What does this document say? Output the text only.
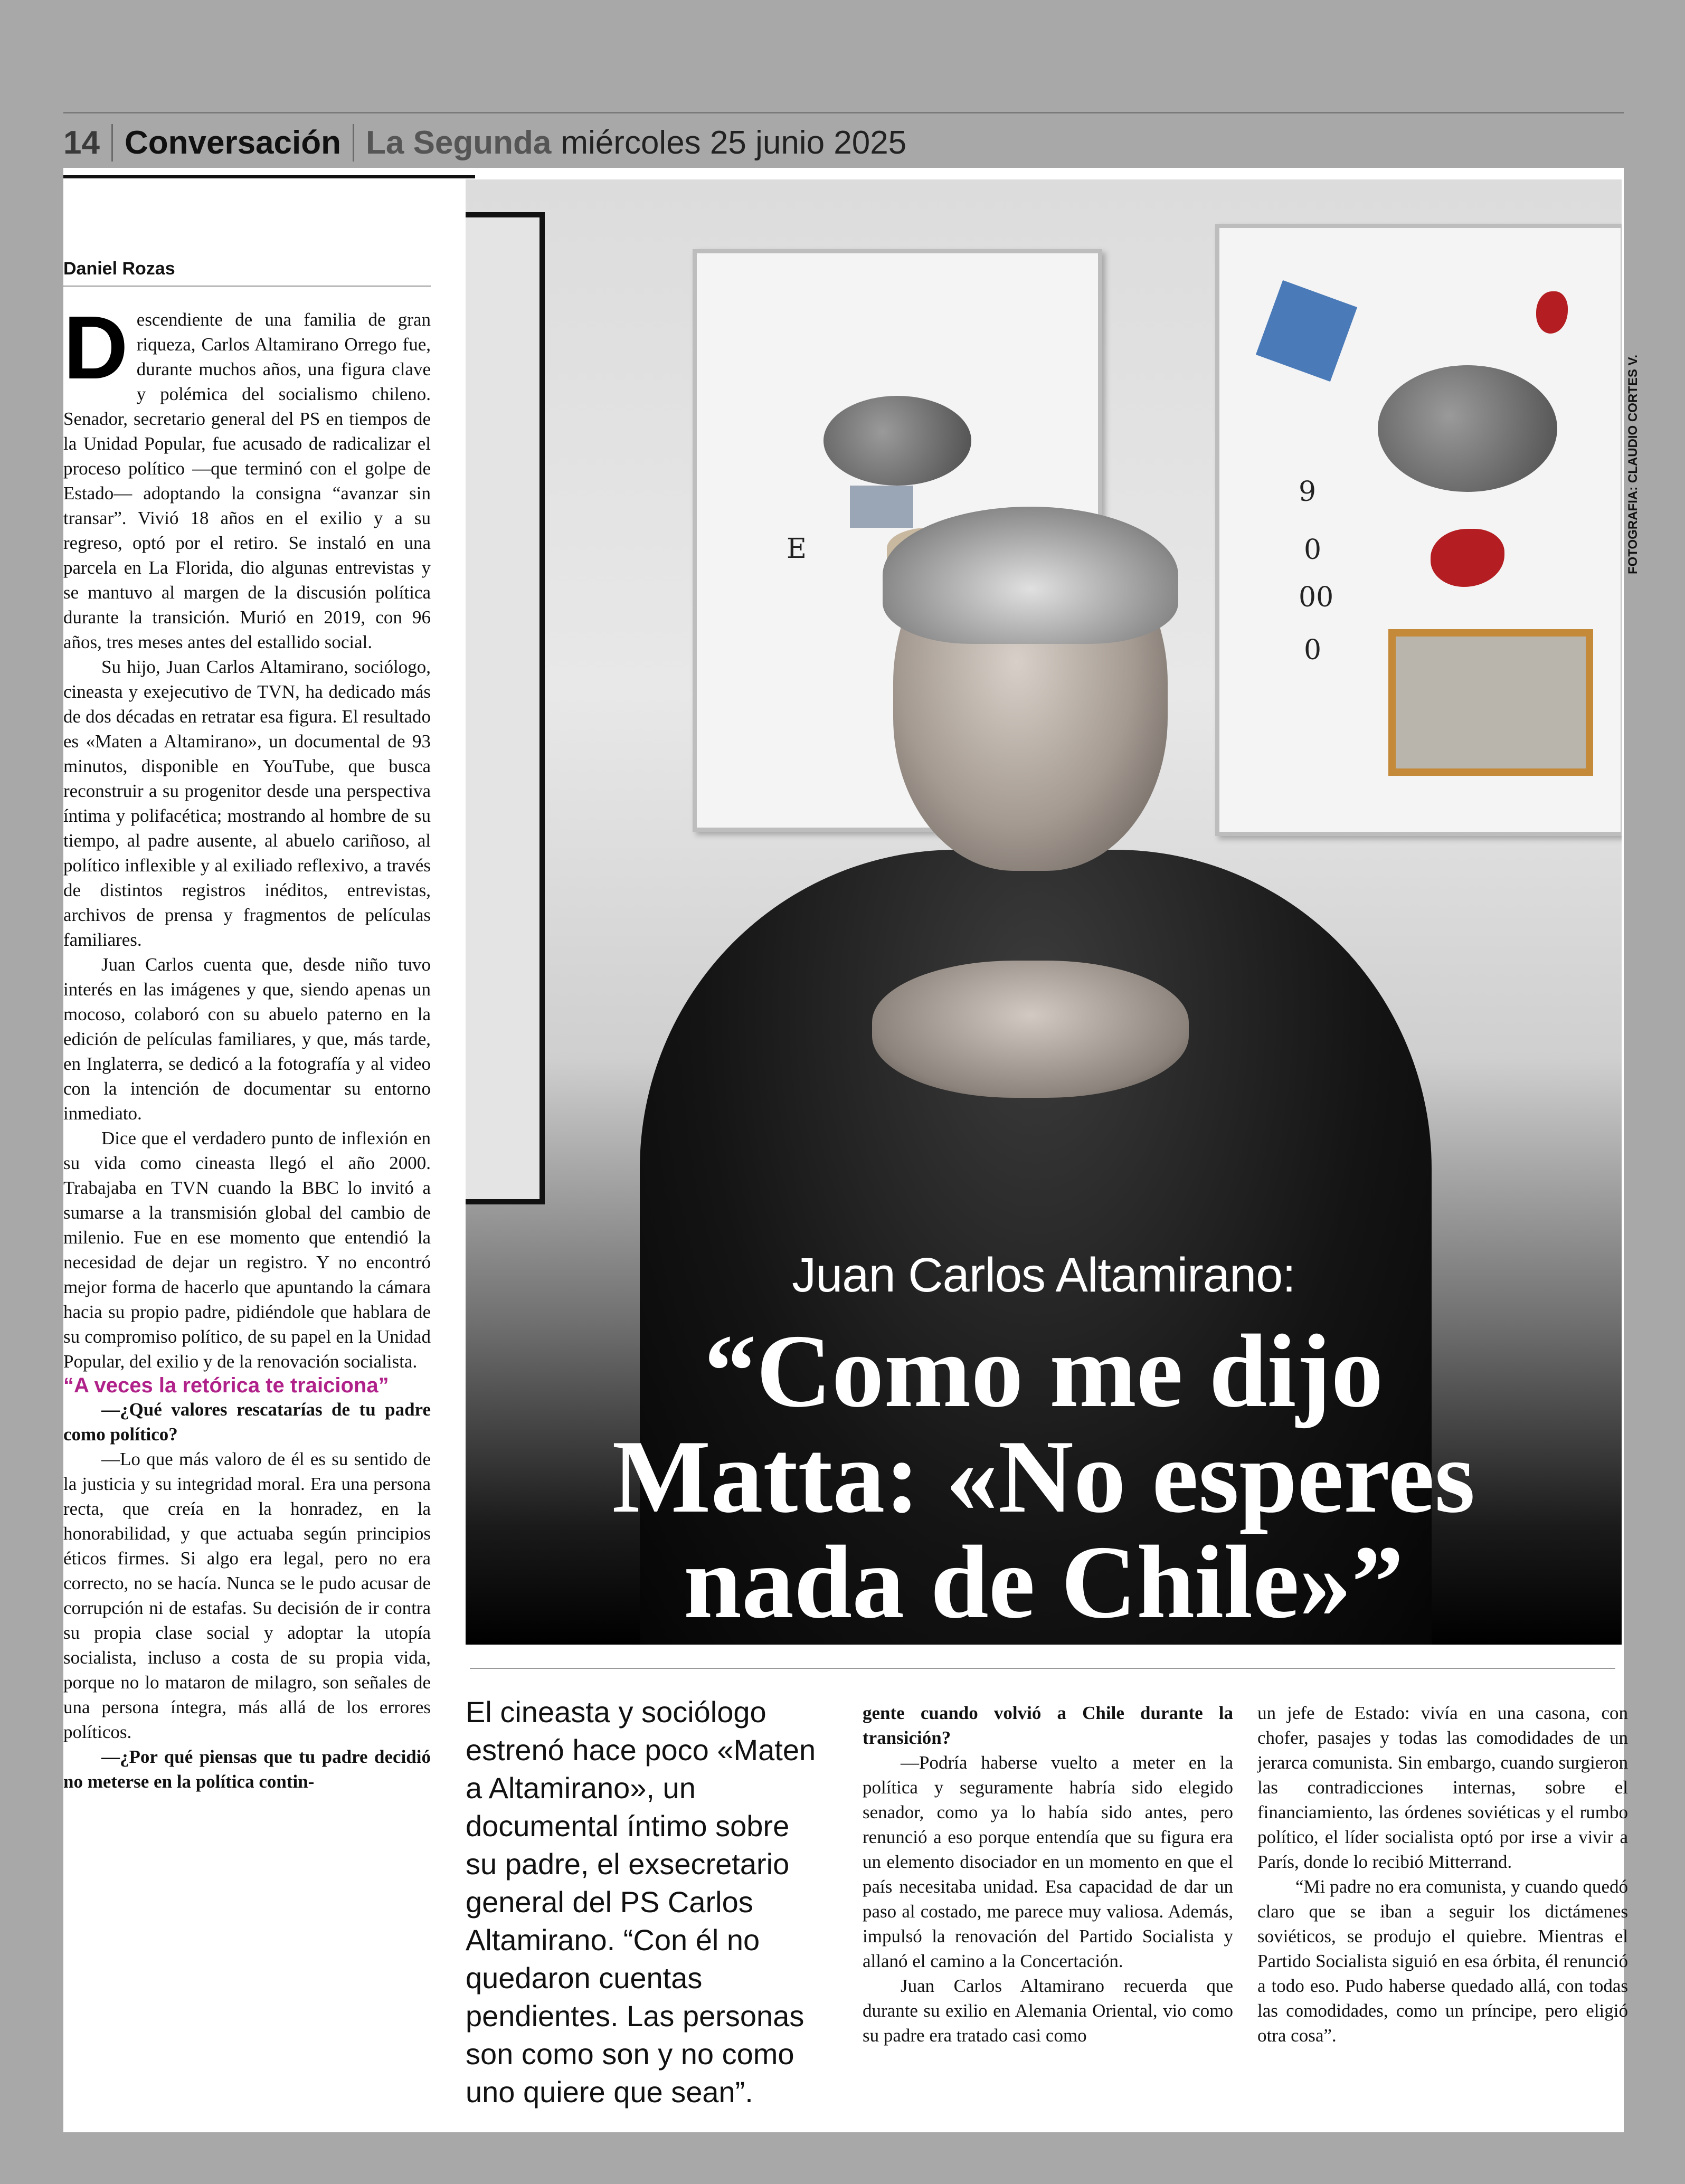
14 Conversación La Segunda miércoles 25 junio 2025
Daniel Rozas

Descendiente de una familia de gran riqueza, Carlos Altamirano Orrego fue, durante muchos años, una figura clave y polémica del socialismo chileno. Senador, secretario general del PS en tiempos de la Unidad Popular, fue acusado de radicalizar el proceso político —que terminó con el golpe de Estado— adoptando la consigna “avanzar sin transar”. Vivió 18 años en el exilio y a su regreso, optó por el retiro. Se instaló en una parcela en La Florida, dio algunas entrevistas y se mantuvo al margen de la discusión política durante la transición. Murió en 2019, con 96 años, tres meses antes del estallido social.

Su hijo, Juan Carlos Altamirano, sociólogo, cineasta y exejecutivo de TVN, ha dedicado más de dos décadas en retratar esa figura. El resultado es «Maten a Altamirano», un documental de 93 minutos, disponible en YouTube, que busca reconstruir a su progenitor desde una perspectiva íntima y polifacética; mostrando al hombre de su tiempo, al padre ausente, al abuelo cariñoso, al político inflexible y al exiliado reflexivo, a través de distintos registros inéditos, entrevistas, archivos de prensa y fragmentos de películas familiares.

Juan Carlos cuenta que, desde niño tuvo interés en las imágenes y que, siendo apenas un mocoso, colaboró con su abuelo paterno en la edición de películas familiares, y que, más tarde, en Inglaterra, se dedicó a la fotografía y al video con la intención de documentar su entorno inmediato.

Dice que el verdadero punto de inflexión en su vida como cineasta llegó el año 2000. Trabajaba en TVN cuando la BBC lo invitó a sumarse a la transmisión global del cambio de milenio. Fue en ese momento que entendió la necesidad de dejar un registro. Y no encontró mejor forma de hacerlo que apuntando la cámara hacia su propio padre, pidiéndole que hablara de su compromiso político, de su papel en la Unidad Popular, del exilio y de la renovación socialista.

“A veces la retórica te traiciona”

—¿Qué valores rescatarías de tu padre como político?

—Lo que más valoro de él es su sentido de la justicia y su integridad moral. Era una persona recta, que creía en la honradez, en la honorabilidad, y que actuaba según principios éticos firmes. Si algo era legal, pero no era correcto, no se hacía. Nunca se le pudo acusar de corrupción ni de estafas. Su decisión de ir contra su propia clase social y adoptar la utopía socialista, incluso a costa de su propia vida, porque no lo mataron de milagro, son señales de una persona íntegra, más allá de los errores políticos.

—¿Por qué piensas que tu padre decidió no meterse en la política contin-

E
9
0
00
0
FOTOGRAFIA: CLAUDIO CORTES V.
Juan Carlos Altamirano:
“Como me dijo
Matta: «No esperes
nada de Chile»”
El cineasta y sociólogo estrenó hace poco «Maten a Altamirano», un documental íntimo sobre su padre, el exsecretario general del PS Carlos Altamirano. “Con él no quedaron cuentas pendientes. Las personas son como son y no como uno quiere que sean”.

gente cuando volvió a Chile durante la transición?

—Podría haberse vuelto a meter en la política y seguramente habría sido elegido senador, como ya lo había sido antes, pero renunció a eso porque entendía que su figura era un elemento disociador en un momento en que el país necesitaba unidad. Esa capacidad de dar un paso al costado, me parece muy valiosa. Además, impulsó la renovación del Partido Socialista y allanó el camino a la Concertación.

Juan Carlos Altamirano recuerda que durante su exilio en Alemania Oriental, vio como su padre era tratado casi como

un jefe de Estado: vivía en una casona, con chofer, pasajes y todas las comodidades de un jerarca comunista. Sin embargo, cuando surgieron las contradicciones internas, sobre el financiamiento, las órdenes soviéticas y el rumbo político, el líder socialista optó por irse a vivir a París, donde lo recibió Mitterrand.

“Mi padre no era comunista, y cuando quedó claro que se iban a seguir los dictámenes soviéticos, se produjo el quiebre. Mientras el Partido Socialista siguió en esa órbita, él renunció a todo eso. Pudo haberse quedado allá, con todas las comodidades, como un príncipe, pero eligió otra cosa”.
